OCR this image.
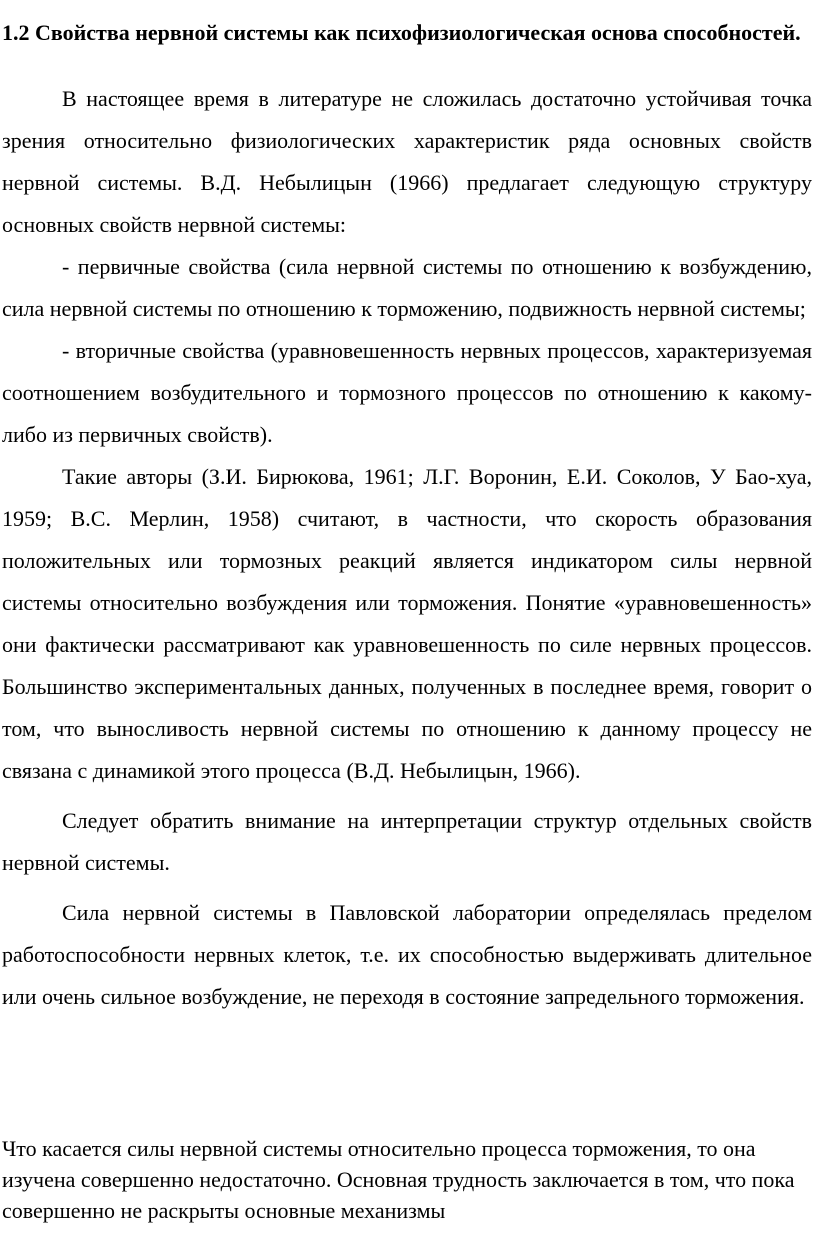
1.2 Свойства нервной системы как психофизиологическая основа способностей.

В настоящее время в литературе не сложилась достаточно устойчивая точка зрения относительно физиологических характеристик ряда основных свойств нервной системы. В.Д. Небылицын (1966) предлагает следующую структуру основных свойств нервной системы:

- первичные свойства (сила нервной системы по отношению к возбуждению, сила нервной системы по отношению к торможению, подвижность нервной системы;

- вторичные свойства (уравновешенность нервных процессов, характеризуемая соотношением возбудительного и тормозного процессов по отношению к какому-либо из первичных свойств).

Такие авторы (З.И. Бирюкова, 1961; Л.Г. Воронин, Е.И. Соколов, У Бао-хуа, 1959; В.С. Мерлин, 1958) считают, в частности, что скорость образования положительных или тормозных реакций является индикатором силы нервной системы относительно возбуждения или торможения. Понятие «уравновешенность» они фактически рассматривают как уравновешенность по силе нервных процессов. Большинство экспериментальных данных, полученных в последнее время, говорит о том, что выносливость нервной системы по отношению к данному процессу не связана с динамикой этого процесса (В.Д. Небылицын, 1966).

Следует обратить внимание на интерпретации структур отдельных свойств нервной системы.

Сила нервной системы в Павловской лаборатории определялась пределом работоспособности нервных клеток, т.е. их способностью выдерживать длительное или очень сильное возбуждение, не переходя в состояние запредельного торможения.

Что касается силы нервной системы относительно процесса торможения, то она изучена совершенно недостаточно. Основная трудность заключается в том, что пока совершенно не раскрыты основные механизмы
